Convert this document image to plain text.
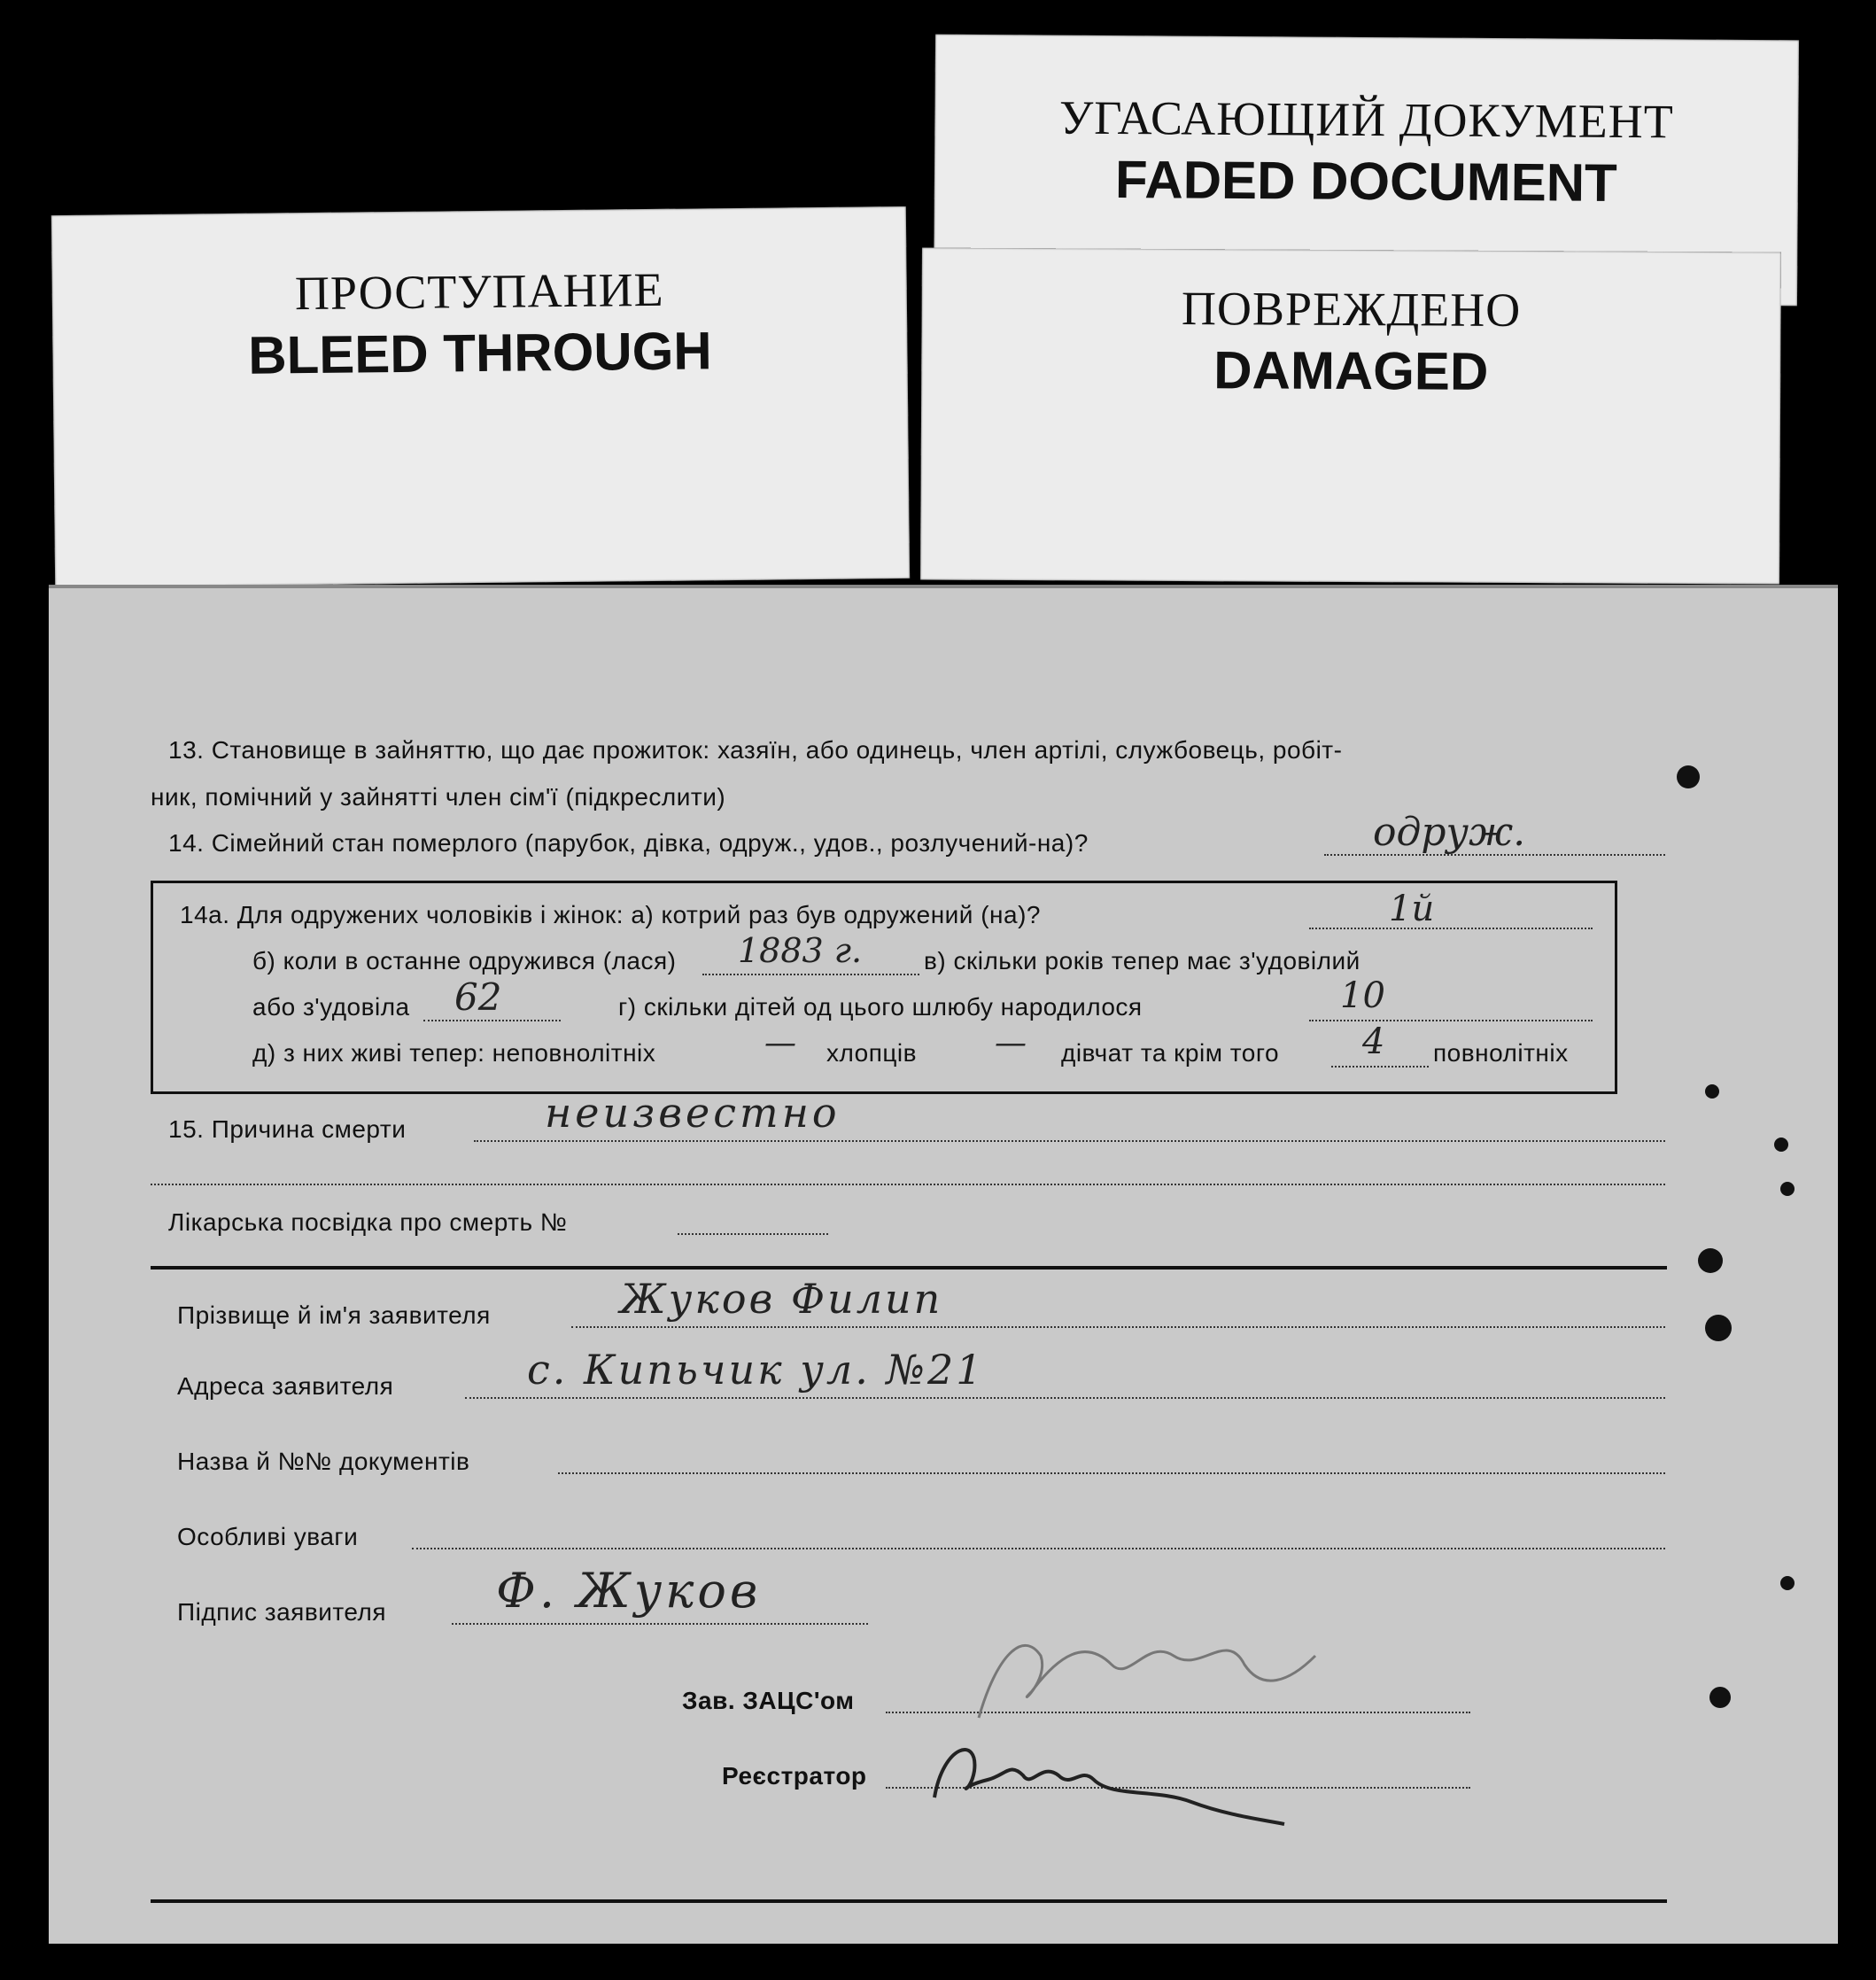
УГАСАЮЩИЙ ДОКУМЕНТ
FADED DOCUMENT
ПРОСТУПАНИЕ
BLEED THROUGH
ПОВРЕЖДЕНО
DAMAGED
13. Становище в зайняттю, що дає прожиток: хазяїн, або одинець, член артілі, службовець, робіт-
ник, помічний у зайнятті член сім'ї (підкреслити)
14. Сімейний стан померлого (парубок, дівка, одруж., удов., розлучений-на)?	одруж.
14а. Для одружених чоловіків і жінок: а) котрий раз був одружений (на)?	1й
б) коли в останне одружився (лася) 1883 г. в) скільки років тепер має з'удовілий
або з'удовіла 62	г) скільки дітей од цього шлюбу народилося	10
д) з них живі тепер: неповнолітніх	— хлопців — дівчат та крім того 4 повнолітніх
15. Причина смерти	неизвестно
Лікарська посвідка про смерть №
Прізвище й ім'я заявителя	Жуков Филип
Адреса заявителя	с. Кипьчик ул. №21
Назва й №№ документів
Особливі уваги
Підпис заявителя Ф. Жуков
Зав. ЗАЦС'ом
Реєстратор
